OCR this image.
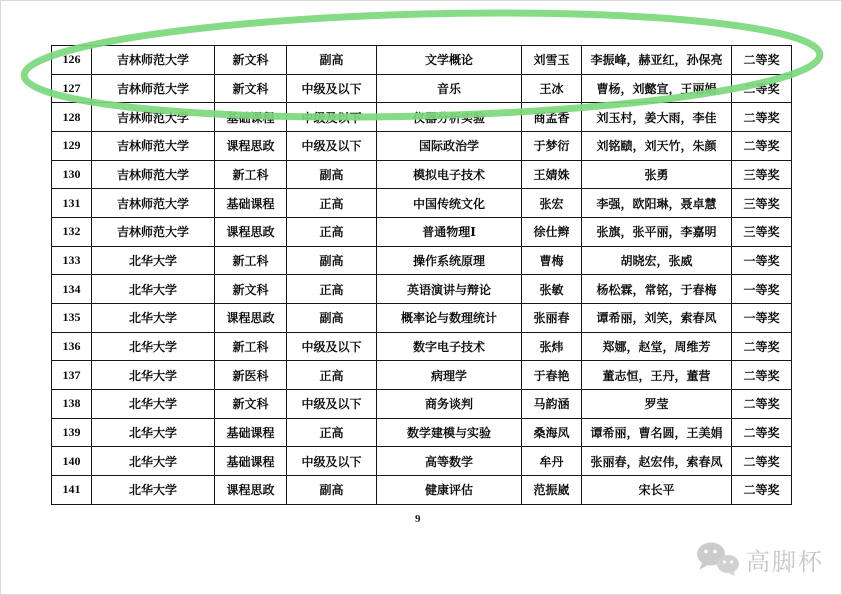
126	吉林师范大学	新文科	副高	文学概论	刘雪玉	李振峰，赫亚红，孙保亮	二等奖
127	吉林师范大学	新文科	中级及以下	音乐	王冰	曹杨，刘懿宣，王丽娟	二等奖
128	吉林师范大学	基础课程	中级及以下	仪器分析实验	商孟香	刘玉村，姜大雨，李佳	二等奖
129	吉林师范大学	课程思政	中级及以下	国际政治学	于梦衍	刘铭赜，刘天竹，朱颜	二等奖
130	吉林师范大学	新工科	副高	模拟电子技术	王婧姝	张勇	三等奖
131	吉林师范大学	基础课程	正高	中国传统文化	张宏	李强，欧阳琳，聂卓慧	三等奖
132	吉林师范大学	课程思政	正高	普通物理Ⅰ	徐仕辫	张旗，张平丽，李嘉明	三等奖
133	北华大学	新工科	副高	操作系统原理	曹梅	胡晓宏，张威	一等奖
134	北华大学	新文科	正高	英语演讲与辩论	张敏	杨松霖，常铭，于春梅	一等奖
135	北华大学	课程思政	副高	概率论与数理统计	张丽春	谭希丽，刘笑，索春凤	一等奖
136	北华大学	新工科	中级及以下	数字电子技术	张炜	郑娜，赵堂，周维芳	二等奖
137	北华大学	新医科	正高	病理学	于春艳	董志恒，王丹，董营	二等奖
138	北华大学	新文科	中级及以下	商务谈判	马韵涵	罗莹	二等奖
139	北华大学	基础课程	正高	数学建模与实验	桑海凤	谭希丽，曹名圆，王美娟	二等奖
140	北华大学	基础课程	中级及以下	高等数学	牟丹	张丽春，赵宏伟，索春凤	二等奖
141	北华大学	课程思政	副高	健康评估	范振崴	宋长平	二等奖
9
高脚杯
